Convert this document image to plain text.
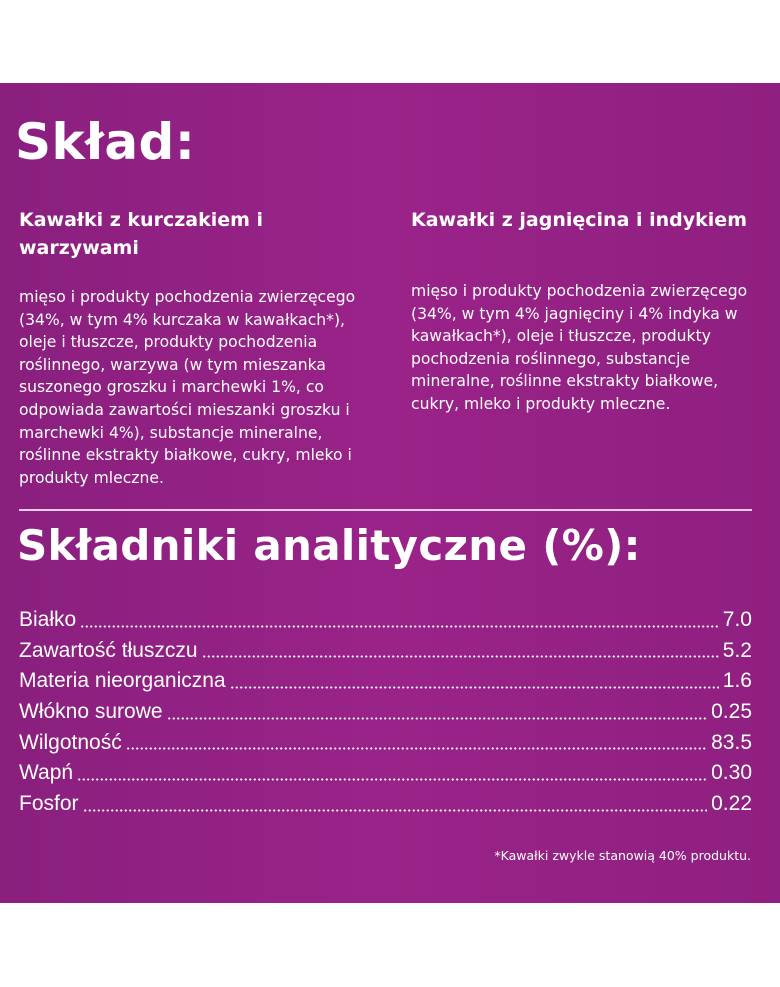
Skład:
Kawałki z kurczakiem i warzywami
Kawałki z jagnięcina i indykiem
mięso i produkty pochodzenia zwierzęcego (34%, w tym 4% kurczaka w kawałkach*), oleje i tłuszcze, produkty pochodzenia roślinnego, warzywa (w tym mieszanka suszonego groszku i marchewki 1%, co odpowiada zawartości mieszanki groszku i marchewki 4%), substancje mineralne, roślinne ekstrakty białkowe, cukry, mleko i produkty mleczne.
mięso i produkty pochodzenia zwierzęcego (34%, w tym 4% jagnięciny i 4% indyka w kawałkach*), oleje i tłuszcze, produkty pochodzenia roślinnego, substancje mineralne, roślinne ekstrakty białkowe, cukry, mleko i produkty mleczne.
Składniki analityczne (%):
Białko	7.0
Zawartość tłuszczu	5.2
Materia nieorganiczna	1.6
Włókno surowe	0.25
Wilgotność	83.5
Wapń	0.30
Fosfor	0.22
*Kawałki zwykle stanowią 40% produktu.
